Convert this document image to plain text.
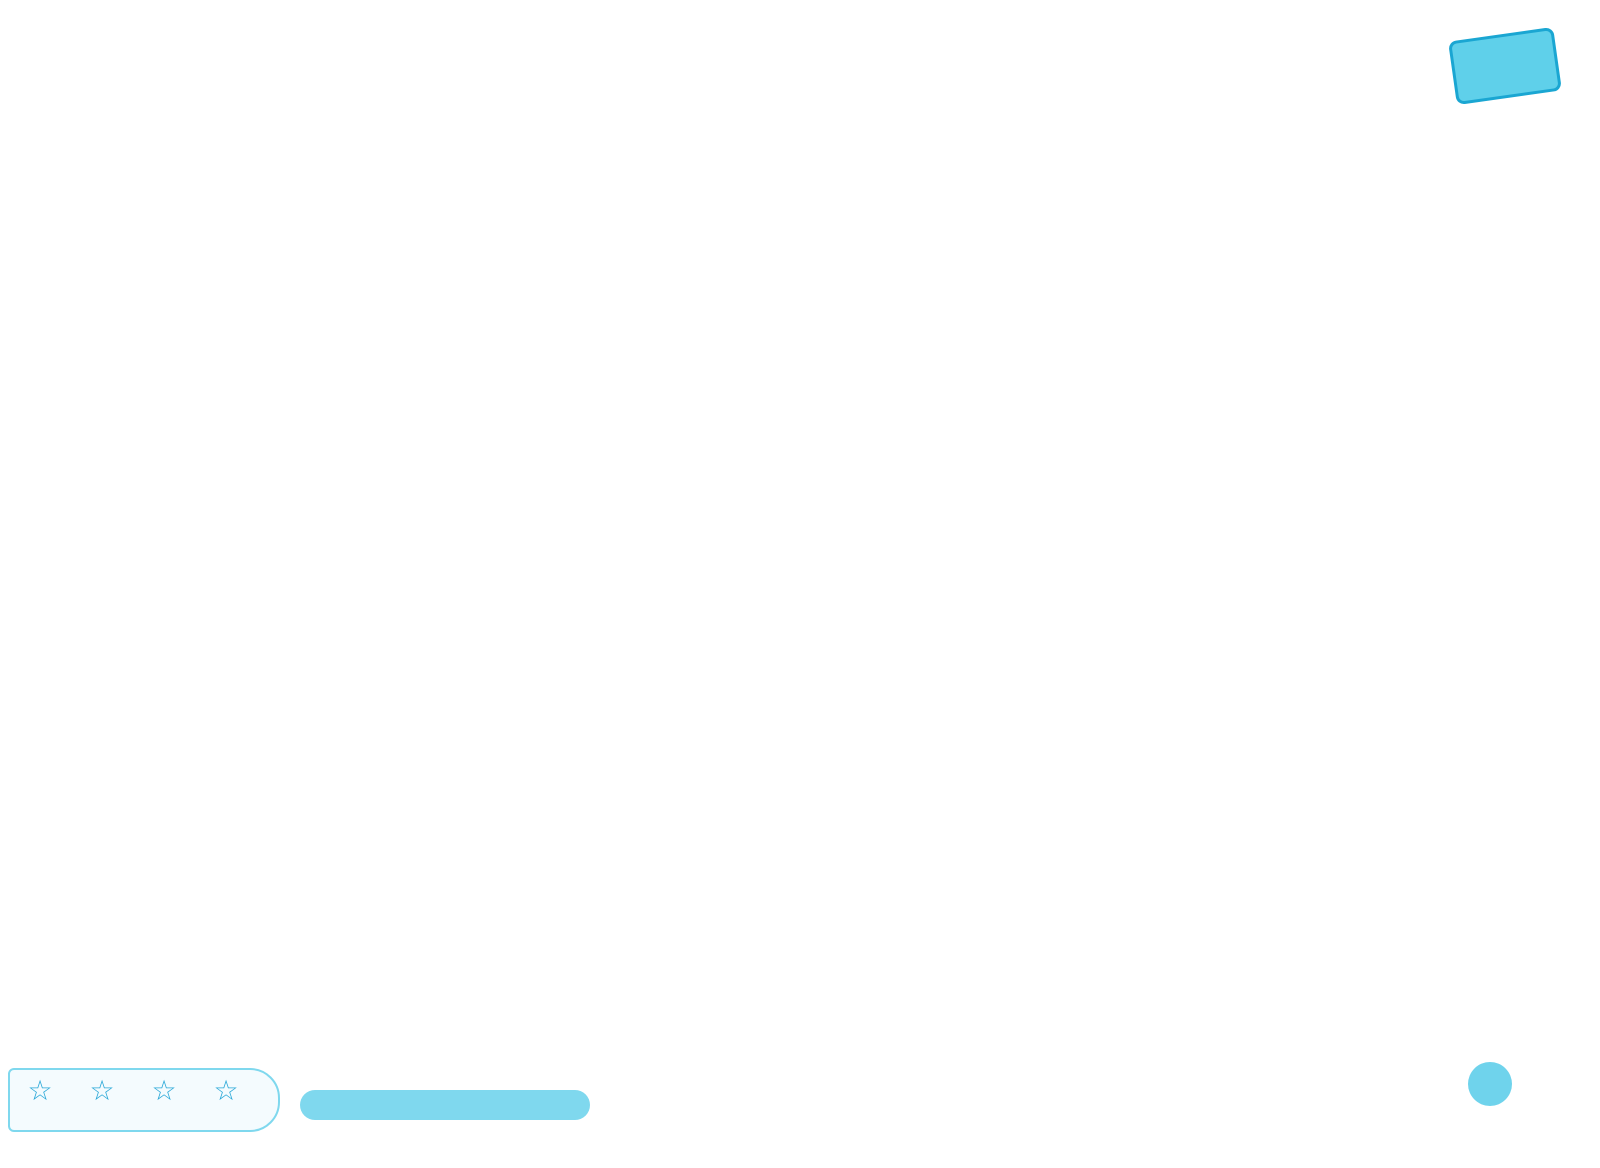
☆	☆	☆	☆
